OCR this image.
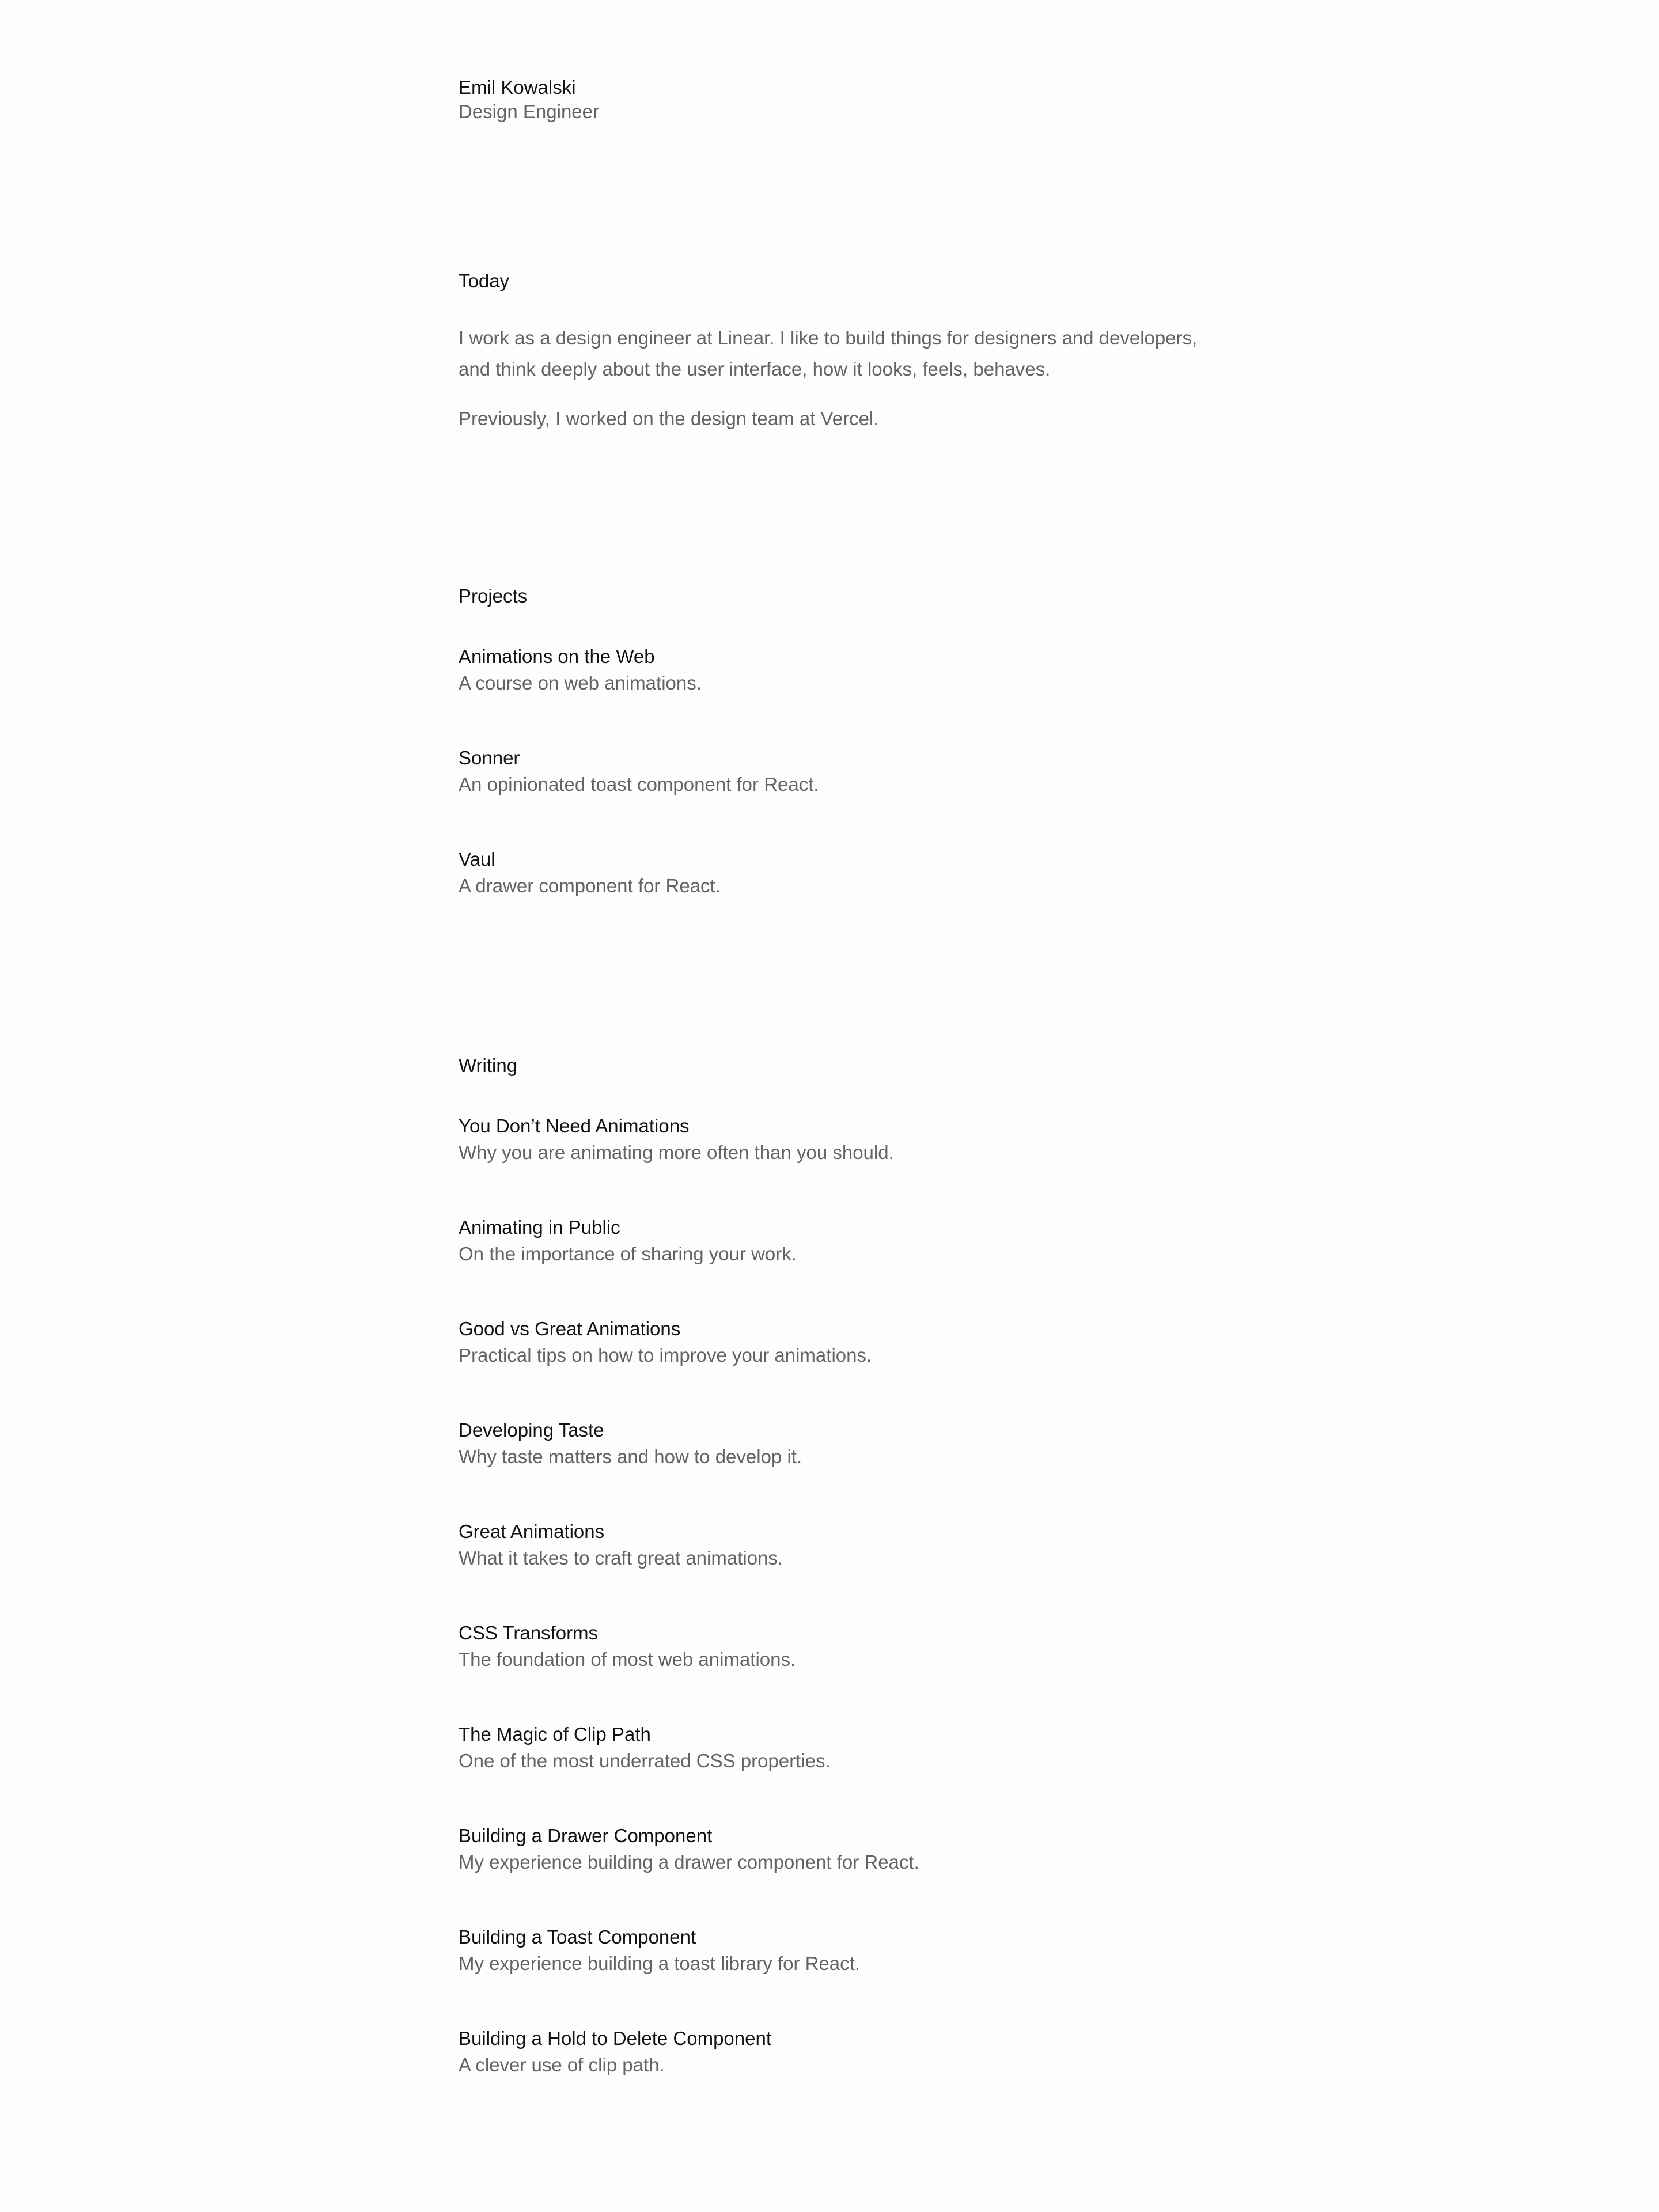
Emil Kowalski
Design Engineer
Today

I work as a design engineer at Linear. I like to build things for designers and developers, and think deeply about the user interface, how it looks, feels, behaves.

Previously, I worked on the design team at Vercel.

Projects
Animations on the Web
A course on web animations.
Sonner
An opinionated toast component for React.
Vaul
A drawer component for React.
Writing
You Don’t Need Animations
Why you are animating more often than you should.
Animating in Public
On the importance of sharing your work.
Good vs Great Animations
Practical tips on how to improve your animations.
Developing Taste
Why taste matters and how to develop it.
Great Animations
What it takes to craft great animations.
CSS Transforms
The foundation of most web animations.
The Magic of Clip Path
One of the most underrated CSS properties.
Building a Drawer Component
My experience building a drawer component for React.
Building a Toast Component
My experience building a toast library for React.
Building a Hold to Delete Component
A clever use of clip path.
